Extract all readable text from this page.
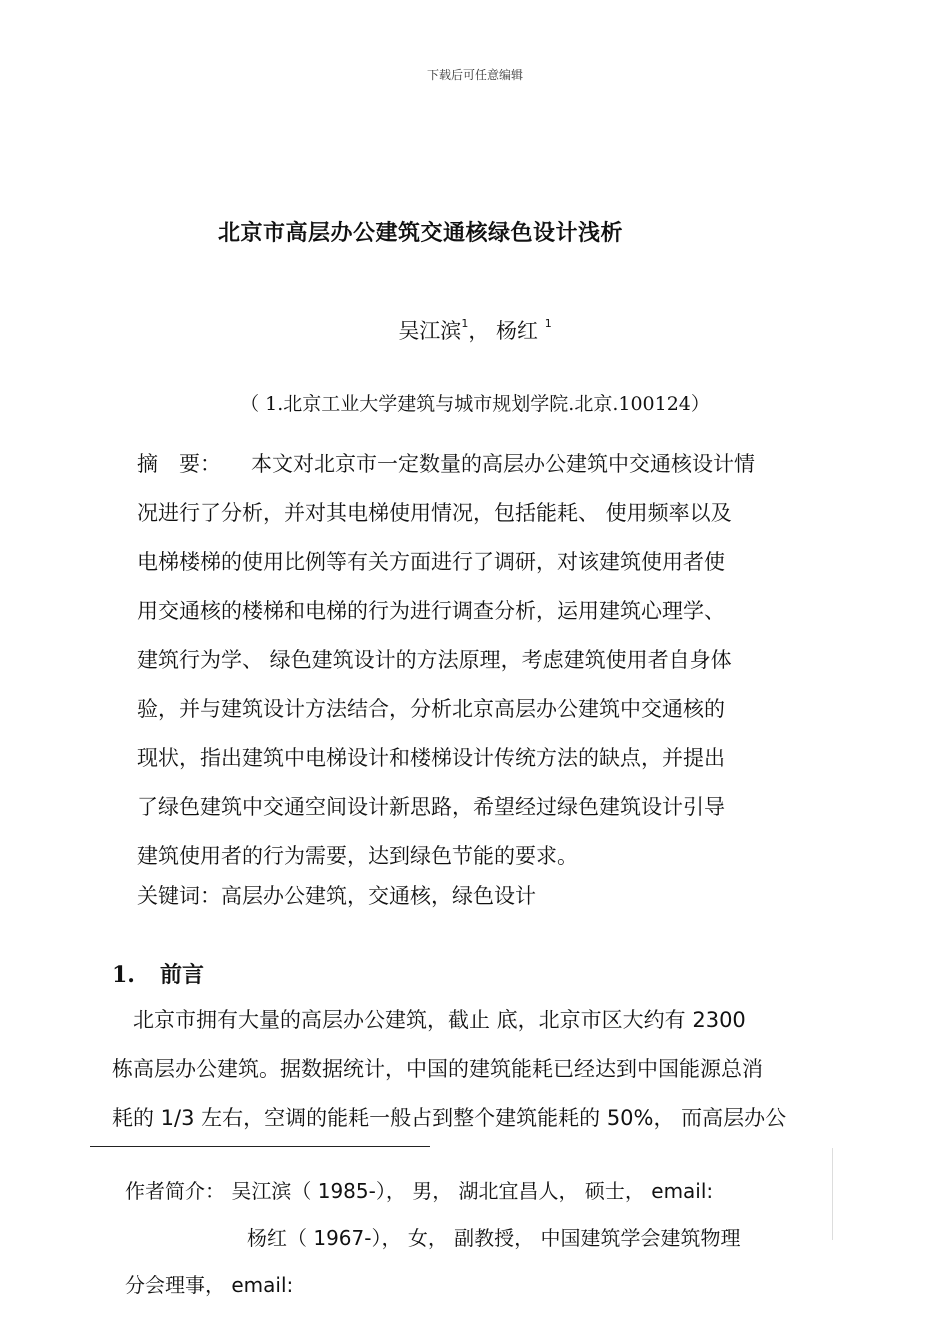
下载后可任意编辑
北京市高层办公建筑交通核绿色设计浅析
吴江滨$^1$， 杨红 $^1$
（ 1.北京工业大学建筑与城市规划学院.北京.100124）
摘　要： 本文对北京市一定数量的高层办公建筑中交通核设计情
况进行了分析，并对其电梯使用情况，包括能耗、 使用频率以及
电梯楼梯的使用比例等有关方面进行了调研，对该建筑使用者使
用交通核的楼梯和电梯的行为进行调查分析，运用建筑心理学、
建筑行为学、 绿色建筑设计的方法原理，考虑建筑使用者自身体
验，并与建筑设计方法结合，分析北京高层办公建筑中交通核的
现状，指出建筑中电梯设计和楼梯设计传统方法的缺点，并提出
了绿色建筑中交通空间设计新思路，希望经过绿色建筑设计引导
建筑使用者的行为需要，达到绿色节能的要求。
关键词：高层办公建筑，交通核，绿色设计
1. 前言
　北京市拥有大量的高层办公建筑，截止 底，北京市区大约有 2300
栋高层办公建筑。据数据统计，中国的建筑能耗已经达到中国能源总消
耗的 1/3 左右，空调的能耗一般占到整个建筑能耗的 50%， 而高层办公
作者简介： 吴江滨（ 1985-）， 男， 湖北宜昌人， 硕士， email:
杨红（ 1967-）， 女， 副教授， 中国建筑学会建筑物理
分会理事， email:
